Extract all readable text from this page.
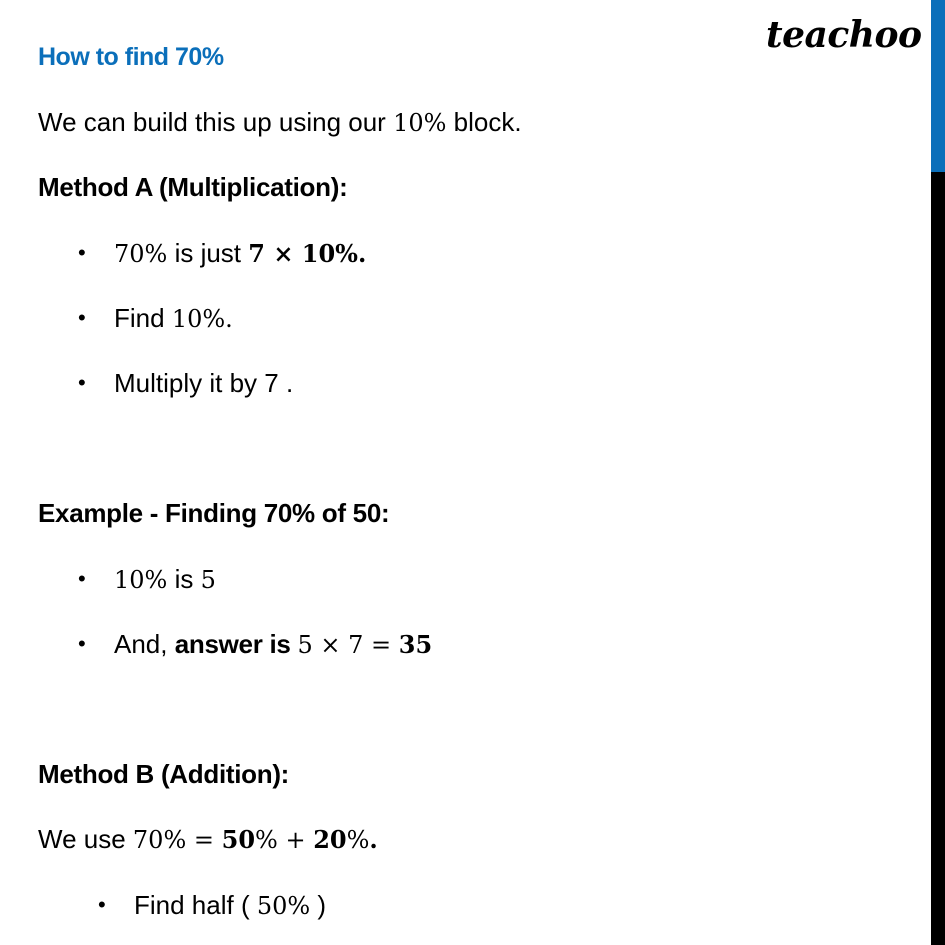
teachoo
How to find 70%
We can build this up using our 10% block.
Method A (Multiplication):
• 70% is just 7 × 10%.
• Find 10%.
• Multiply it by 7 .
Example - Finding 70% of 50:
• 10% is 5
• And, answer is 5 × 7 = 35
Method B (Addition):
We use 70% = 50% + 20%.
• Find half ( 50% )
